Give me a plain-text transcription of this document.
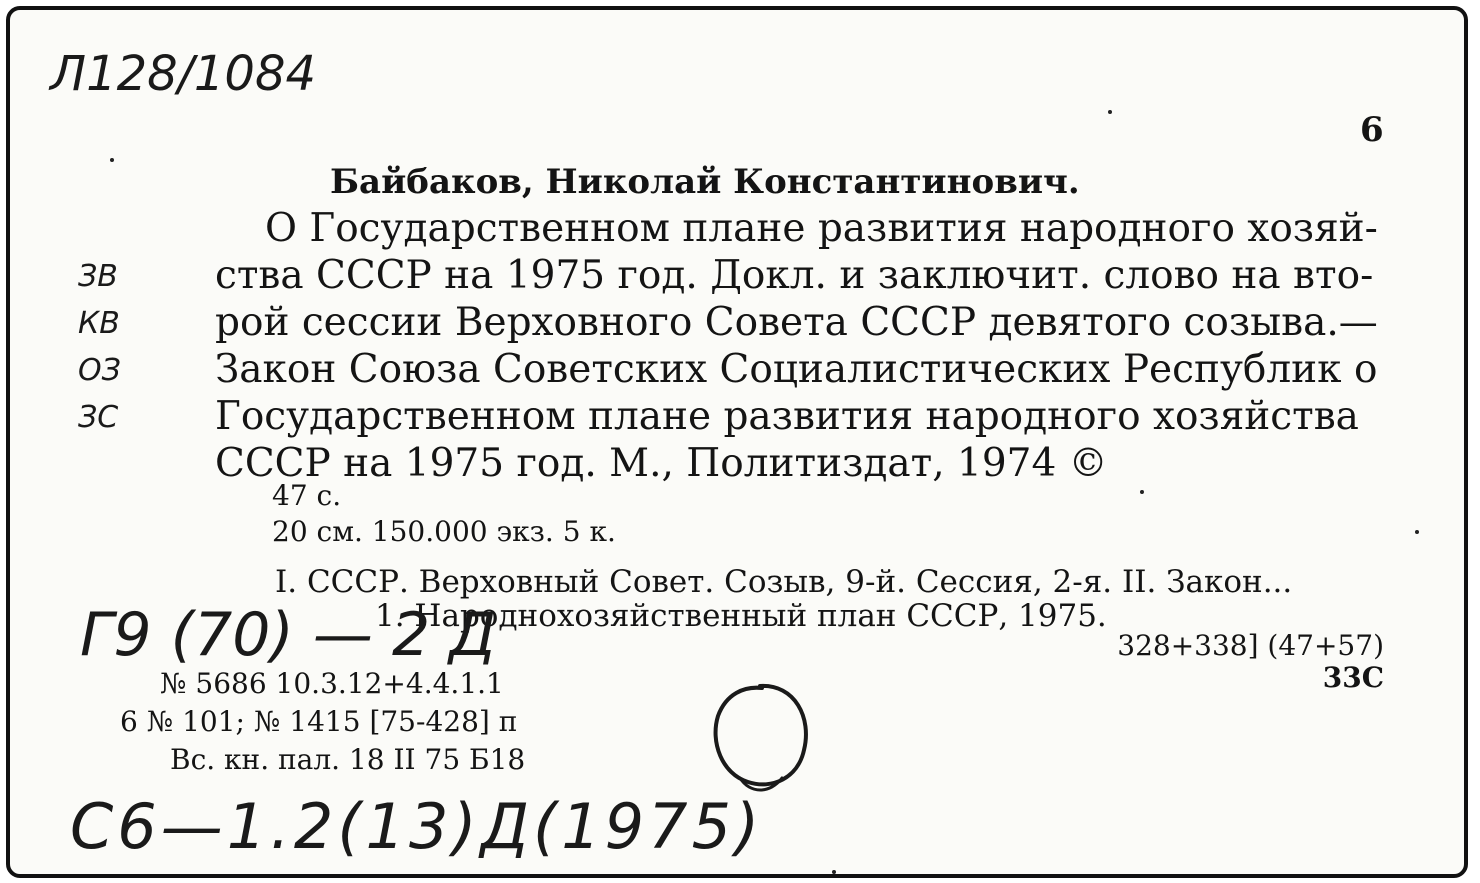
Л128/1084
6
Байбаков, Николай Константинович.
О Государственном плане развития народного хозяй-
ства СССР на 1975 год. Докл. и заключит. слово на вто-
рой сессии Верховного Совета СССР девятого созыва.—
Закон Союза Советских Социалистических Республик о
Государственном плане развития народного хозяйства
СССР на 1975 год. М., Политиздат, 1974 ©
ЗВ
КВ
ОЗ
ЗС
47 с.
20 см. 150.000 экз. 5 к.
I. СССР. Верховный Совет. Созыв, 9-й. Сессия, 2-я. II. Закон...
1. Народнохозяйственный план СССР, 1975.
Г9 (70) — 2 Д	328+338] (47+57)
33С
№ 5686 10.3.12+4.4.1.1
6 № 101; № 1415 [75-428] п
Вс. кн. пал. 18 II 75 Б18
С6—1.2(13)Д(1975)
